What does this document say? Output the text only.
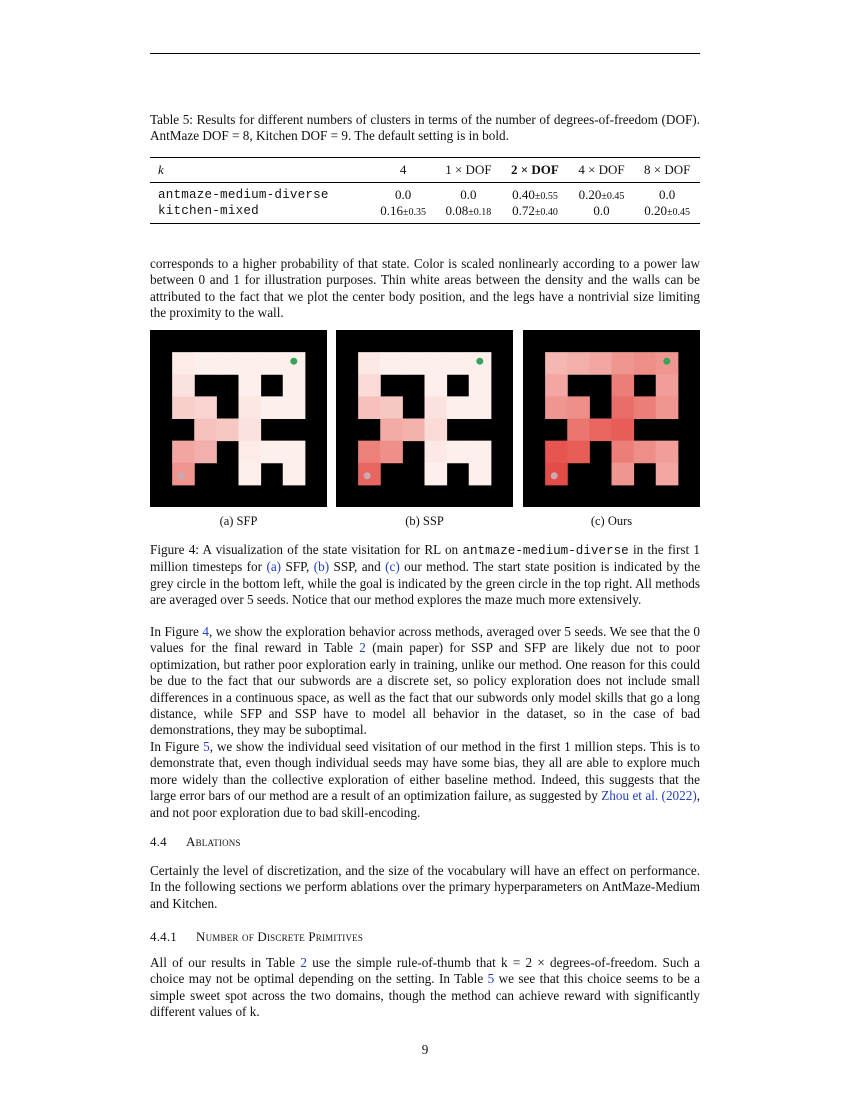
Table 5: Results for different numbers of clusters in terms of the number of degrees-of-freedom (DOF). AntMaze DOF = 8, Kitchen DOF = 9. The default setting is in bold.
k	4	1 × DOF	2 × DOF	4 × DOF	8 × DOF
antmaze-medium-diverse	0.0	0.0	0.40±0.55	0.20±0.45	0.0
kitchen-mixed	0.16±0.35	0.08±0.18	0.72±0.40	0.0	0.20±0.45
corresponds to a higher probability of that state. Color is scaled nonlinearly according to a power law between 0 and 1 for illustration purposes. Thin white areas between the density and the walls can be attributed to the fact that we plot the center body position, and the legs have a nontrivial size limiting the proximity to the wall.
(a) SFP	(b) SSP	(c) Ours
Figure 4: A visualization of the state visitation for RL on antmaze-medium-diverse in the first 1 million timesteps for (a) SFP, (b) SSP, and (c) our method. The start state position is indicated by the grey circle in the bottom left, while the goal is indicated by the green circle in the top right. All methods are averaged over 5 seeds. Notice that our method explores the maze much more extensively.
In Figure 4, we show the exploration behavior across methods, averaged over 5 seeds. We see that the 0 values for the final reward in Table 2 (main paper) for SSP and SFP are likely due not to poor optimization, but rather poor exploration early in training, unlike our method. One reason for this could be due to the fact that our subwords are a discrete set, so policy exploration does not include small differences in a continuous space, as well as the fact that our subwords only model skills that go a long distance, while SFP and SSP have to model all behavior in the dataset, so in the case of bad demonstrations, they may be suboptimal.
In Figure 5, we show the individual seed visitation of our method in the first 1 million steps. This is to demonstrate that, even though individual seeds may have some bias, they all are able to explore much more widely than the collective exploration of either baseline method. Indeed, this suggests that the large error bars of our method are a result of an optimization failure, as suggested by Zhou et al. (2022), and not poor exploration due to bad skill-encoding.
4.4 Ablations
Certainly the level of discretization, and the size of the vocabulary will have an effect on performance. In the following sections we perform ablations over the primary hyperparameters on AntMaze-Medium and Kitchen.
4.4.1 Number of Discrete Primitives
All of our results in Table 2 use the simple rule-of-thumb that k = 2 × degrees-of-freedom. Such a choice may not be optimal depending on the setting. In Table 5 we see that this choice seems to be a simple sweet spot across the two domains, though the method can achieve reward with significantly different values of k.
9
